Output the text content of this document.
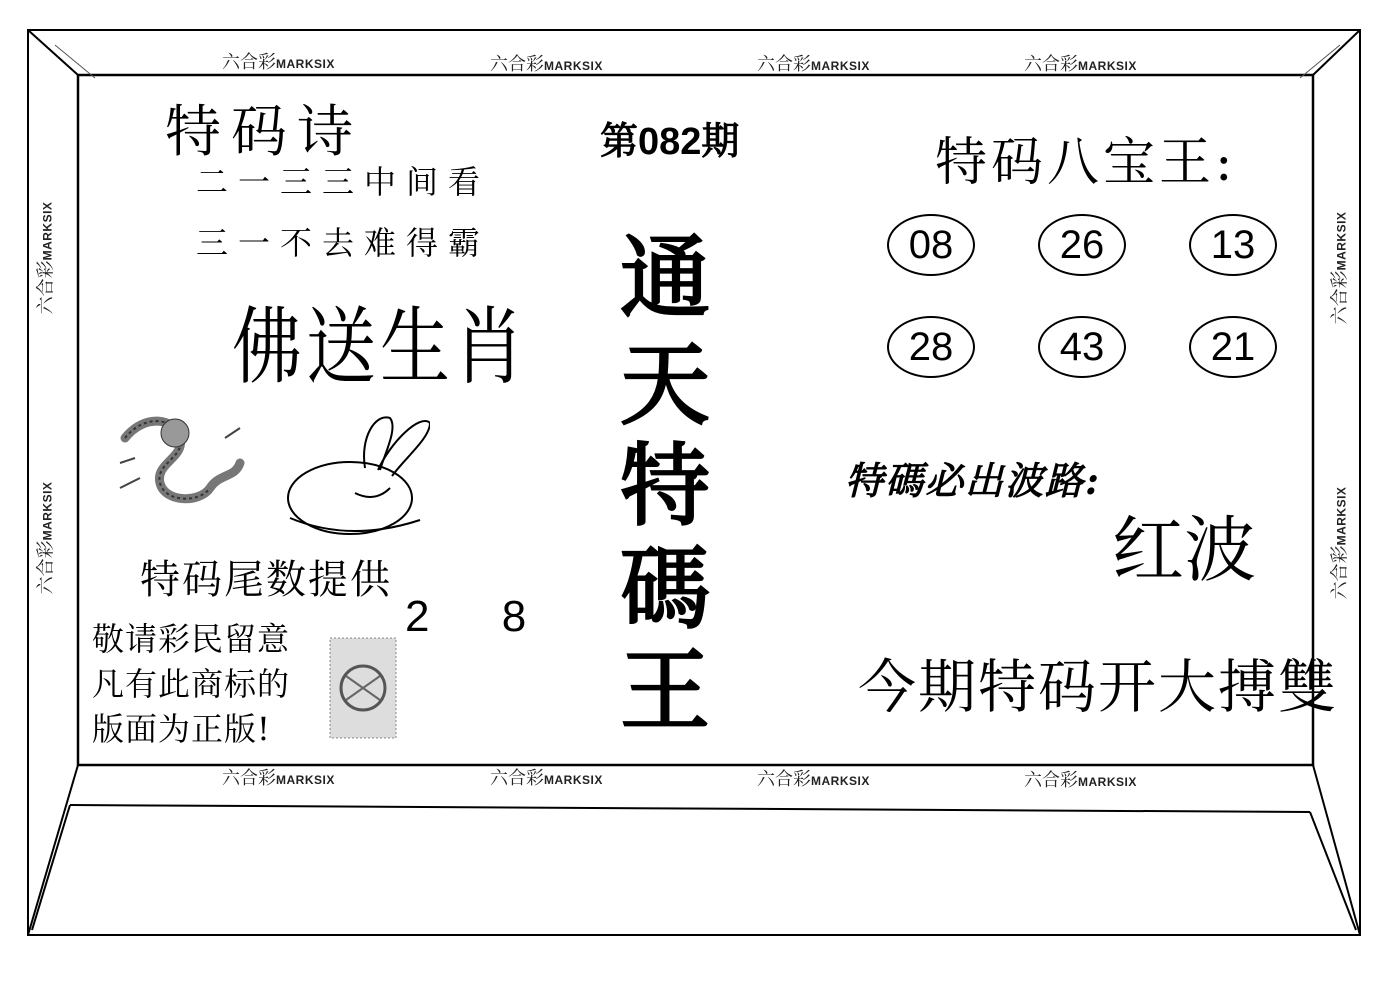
六合彩MARKSIX	六合彩MARKSIX	六合彩MARKSIX	六合彩MARKSIX
六合彩MARKSIX	六合彩MARKSIX	六合彩MARKSIX	六合彩MARKSIX
六合彩MARKSIX
六合彩MARKSIX
六合彩MARKSIX
六合彩MARKSIX
特码诗
二一三三中间看
三一不去难得霸
佛送生肖
特码尾数提供
2 8
敬请彩民留意
凡有此商标的
版面为正版!
第082期
通
天
特
碼
王
特码八宝王:
08	26	13
28	43	21
特碼必出波路:
红波
今期特码开大搏雙
